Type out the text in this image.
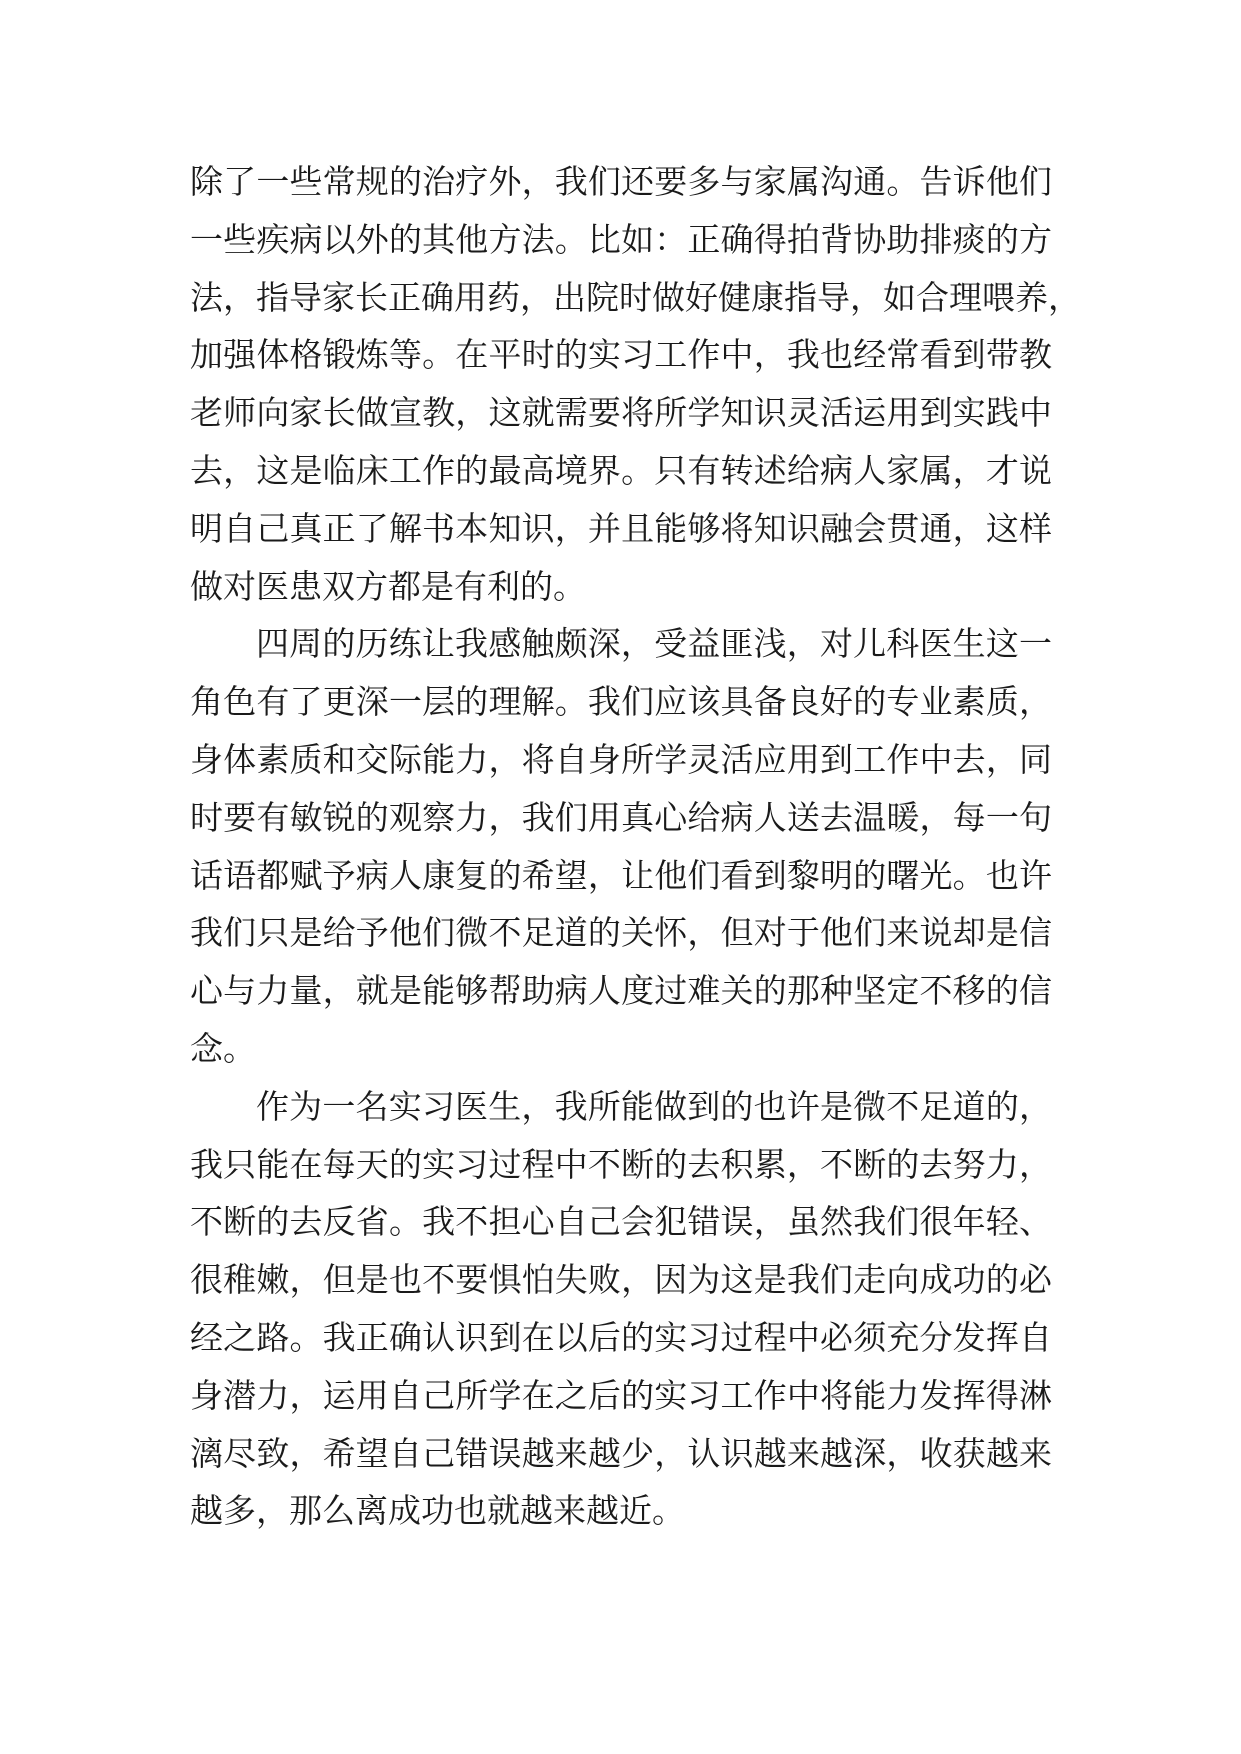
除了一些常规的治疗外，我们还要多与家属沟通。告诉他们
一些疾病以外的其他方法。比如：正确得拍背协助排痰的方
法，指导家长正确用药，出院时做好健康指导，如合理喂养，
加强体格锻炼等。在平时的实习工作中，我也经常看到带教
老师向家长做宣教，这就需要将所学知识灵活运用到实践中
去，这是临床工作的最高境界。只有转述给病人家属，才说
明自己真正了解书本知识，并且能够将知识融会贯通，这样
做对医患双方都是有利的。
四周的历练让我感触颇深，受益匪浅，对儿科医生这一
角色有了更深一层的理解。我们应该具备良好的专业素质，
身体素质和交际能力，将自身所学灵活应用到工作中去，同
时要有敏锐的观察力，我们用真心给病人送去温暖，每一句
话语都赋予病人康复的希望，让他们看到黎明的曙光。也许
我们只是给予他们微不足道的关怀，但对于他们来说却是信
心与力量，就是能够帮助病人度过难关的那种坚定不移的信
念。
作为一名实习医生，我所能做到的也许是微不足道的，
我只能在每天的实习过程中不断的去积累，不断的去努力，
不断的去反省。我不担心自己会犯错误，虽然我们很年轻、
很稚嫩，但是也不要惧怕失败，因为这是我们走向成功的必
经之路。我正确认识到在以后的实习过程中必须充分发挥自
身潜力，运用自己所学在之后的实习工作中将能力发挥得淋
漓尽致，希望自己错误越来越少，认识越来越深，收获越来
越多，那么离成功也就越来越近。
